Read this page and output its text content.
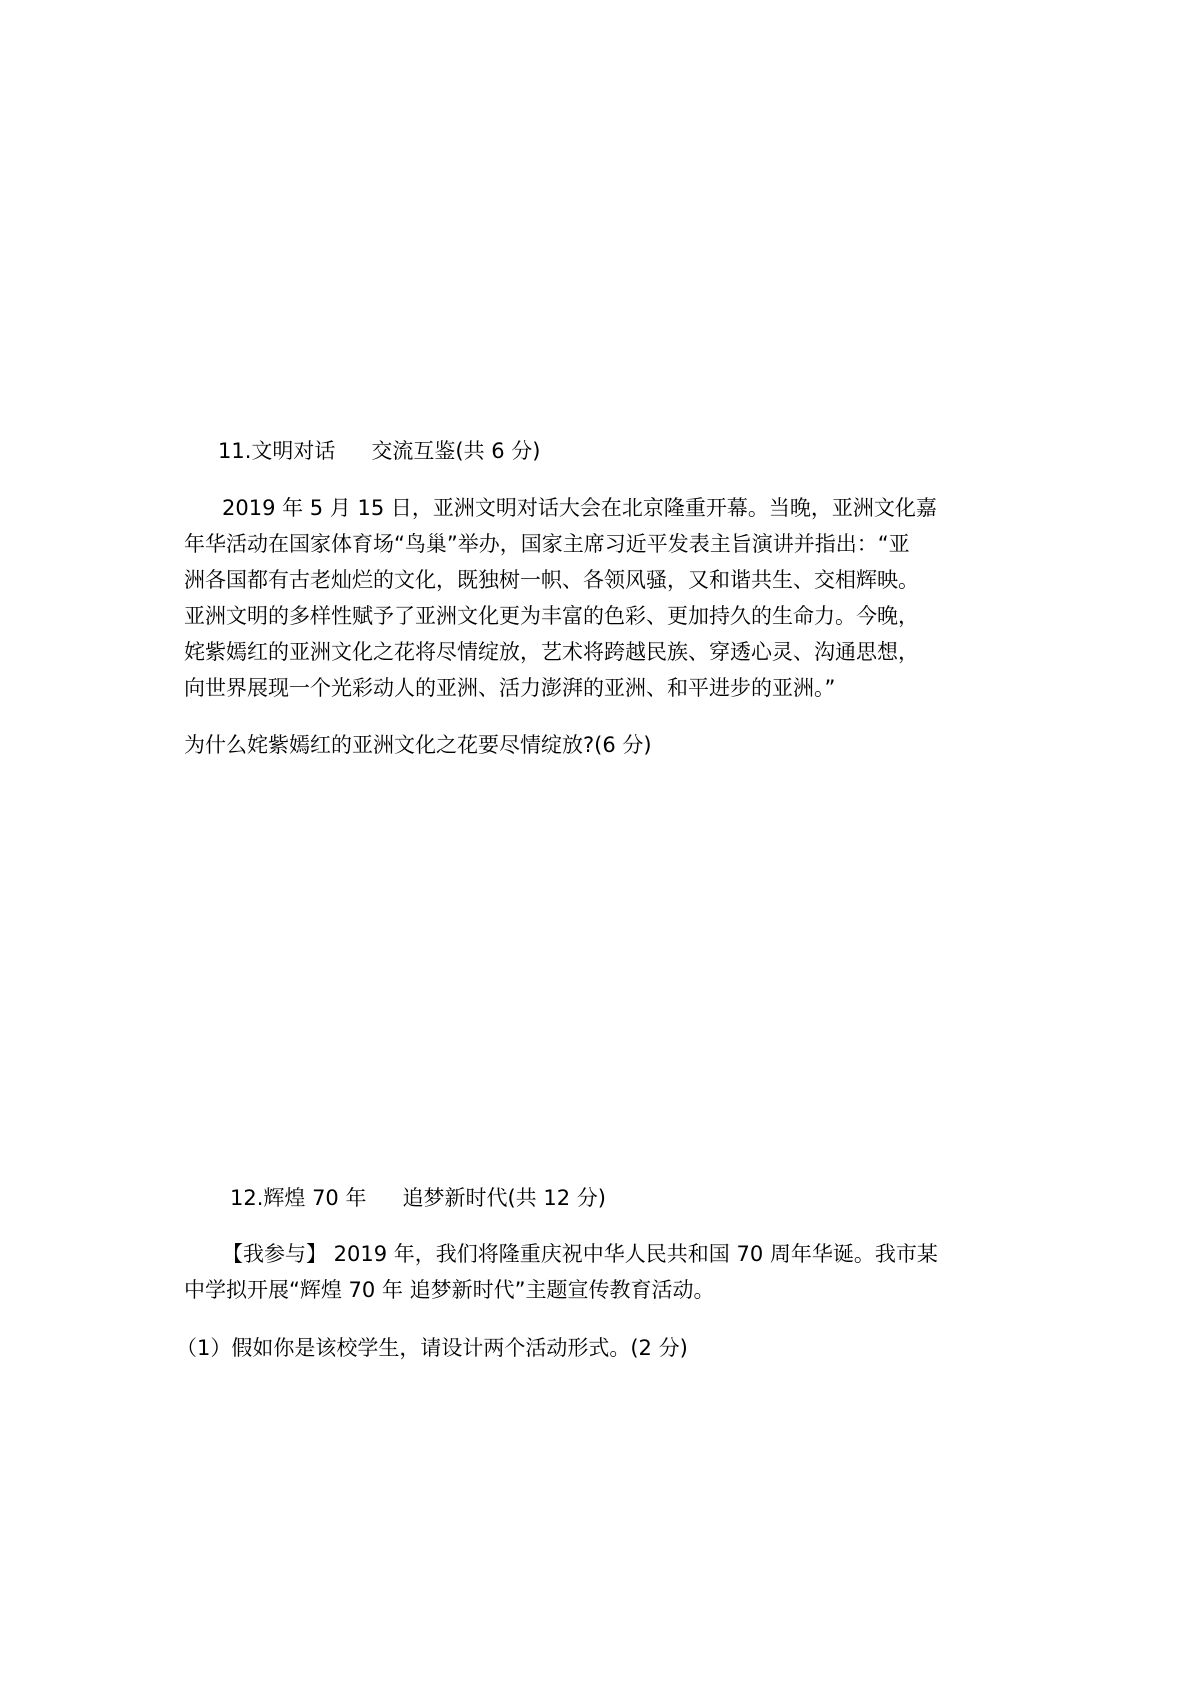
11.文明对话 交流互鉴(共 6 分)
2019 年 5 月 15 日，亚洲文明对话大会在北京隆重开幕。当晚，亚洲文化嘉
年华活动在国家体育场“鸟巢”举办，国家主席习近平发表主旨演讲并指出：“亚
洲各国都有古老灿烂的文化，既独树一帜、各领风骚，又和谐共生、交相辉映。
亚洲文明的多样性赋予了亚洲文化更为丰富的色彩、更加持久的生命力。今晚，
姹紫嫣红的亚洲文化之花将尽情绽放，艺术将跨越民族、穿透心灵、沟通思想，
向世界展现一个光彩动人的亚洲、活力澎湃的亚洲、和平进步的亚洲。”
为什么姹紫嫣红的亚洲文化之花要尽情绽放?(6 分)
12.辉煌 70 年 追梦新时代(共 12 分)
【我参与】 2019 年，我们将隆重庆祝中华人民共和国 70 周年华诞。我市某
中学拟开展“辉煌 70 年 追梦新时代”主题宣传教育活动。
（1）假如你是该校学生，请设计两个活动形式。(2 分)
